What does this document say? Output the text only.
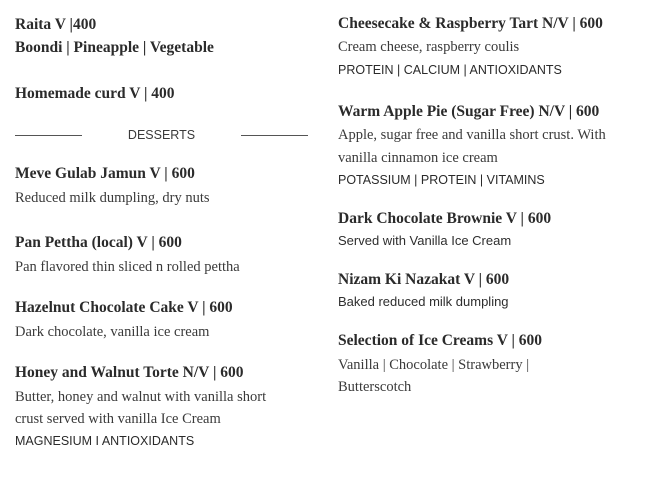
Raita V |400
Boondi | Pineapple | Vegetable
Homemade curd V | 400
Meve Gulab Jamun V | 600
Reduced milk dumpling, dry nuts
Pan Pettha (local) V | 600
Pan flavored thin sliced n rolled pettha
Hazelnut Chocolate Cake V | 600
Dark chocolate, vanilla ice cream
Honey and Walnut Torte N/V | 600
Butter, honey and walnut with vanilla short
crust served with vanilla Ice Cream
MAGNESIUM I ANTIOXIDANTS
DESSERTS
Cheesecake & Raspberry Tart N/V | 600
Cream cheese, raspberry coulis
PROTEIN | CALCIUM | ANTIOXIDANTS
Warm Apple Pie (Sugar Free) N/V | 600
Apple, sugar free and vanilla short crust. With
vanilla cinnamon ice cream
POTASSIUM | PROTEIN | VITAMINS
Dark Chocolate Brownie V | 600
Served with Vanilla Ice Cream
Nizam Ki Nazakat V | 600
Baked reduced milk dumpling
Selection of Ice Creams V | 600
Vanilla | Chocolate | Strawberry |
Butterscotch
